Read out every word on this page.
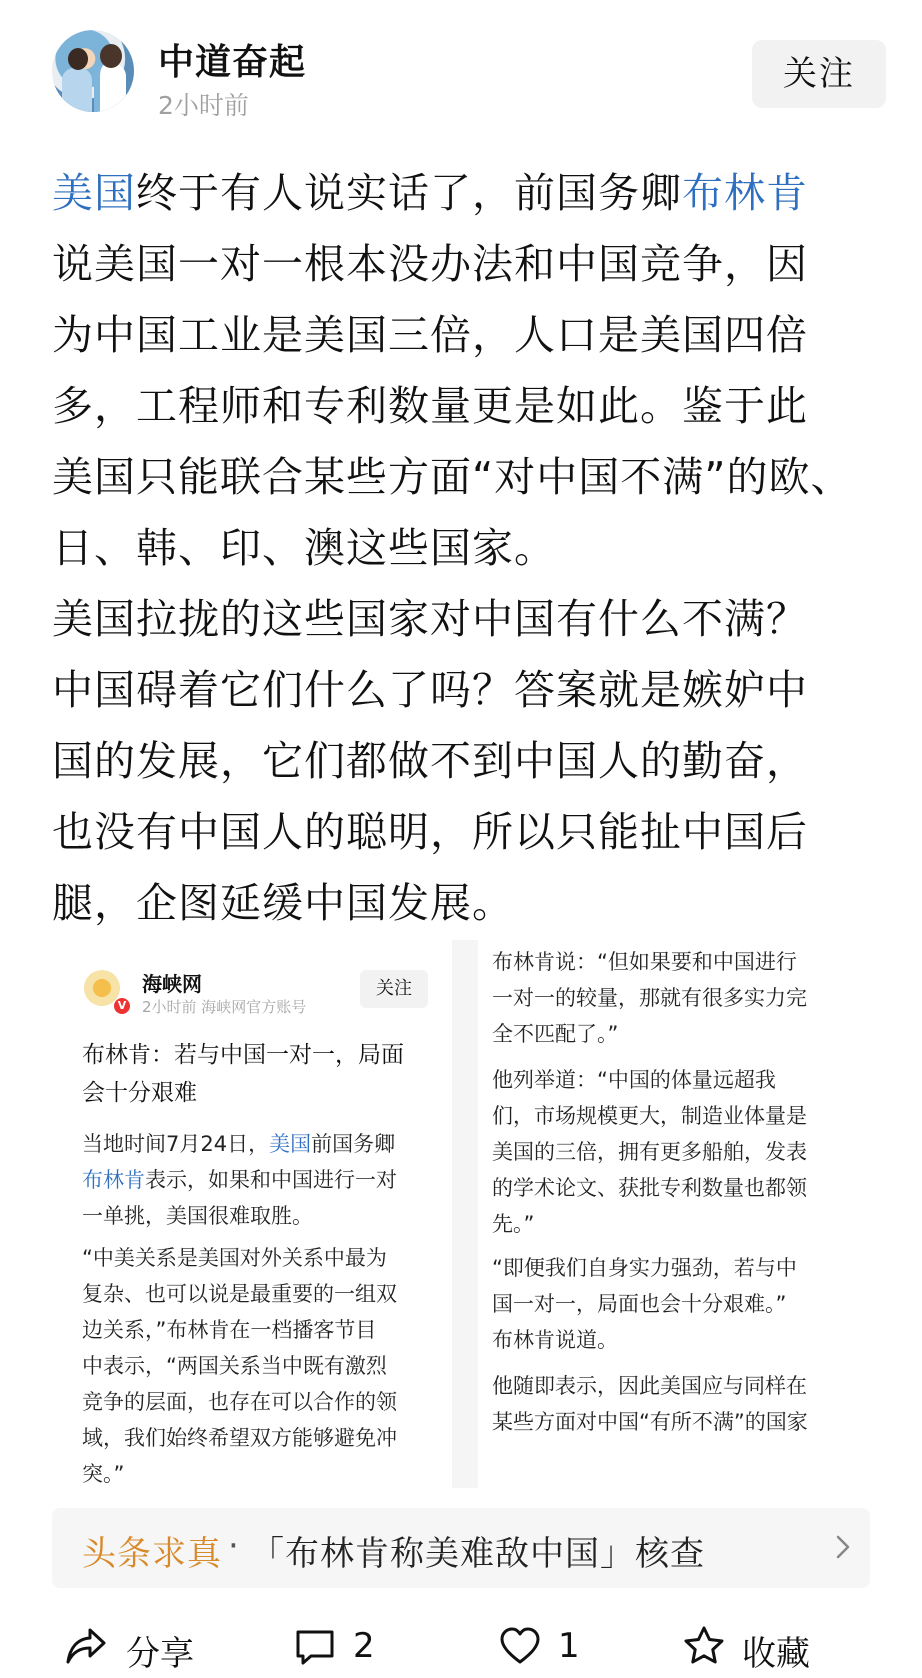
中道奋起
2小时前
关注
美国终于有人说实话了，前国务卿布林肯
说美国一对一根本没办法和中国竞争，因
为中国工业是美国三倍，人口是美国四倍
多，工程师和专利数量更是如此。鉴于此
美国只能联合某些方面“对中国不满”的欧、
日、韩、印、澳这些国家。
美国拉拢的这些国家对中国有什么不满？
中国碍着它们什么了吗？答案就是嫉妒中
国的发展，它们都做不到中国人的勤奋，
也没有中国人的聪明，所以只能扯中国后
腿，企图延缓中国发展。
V
海峡网
2小时前 海峡网官方账号
关注
布林肯：若与中国一对一，局面
会十分艰难
当地时间7月24日，美国前国务卿
布林肯表示，如果和中国进行一对
一单挑，美国很难取胜。
“中美关系是美国对外关系中最为
复杂、也可以说是最重要的一组双
边关系，”布林肯在一档播客节目
中表示，“两国关系当中既有激烈
竞争的层面，也存在可以合作的领
域，我们始终希望双方能够避免冲
突。”
布林肯说：“但如果要和中国进行
一对一的较量，那就有很多实力完
全不匹配了。”
他列举道：“中国的体量远超我
们，市场规模更大，制造业体量是
美国的三倍，拥有更多船舶，发表
的学术论文、获批专利数量也都领
先。”
“即便我们自身实力强劲，若与中
国一对一，局面也会十分艰难。”
布林肯说道。
他随即表示，因此美国应与同样在
某些方面对中国“有所不满”的国家
头条求真 · 「布林肯称美难敌中国」核查
分享	2	1	收藏
